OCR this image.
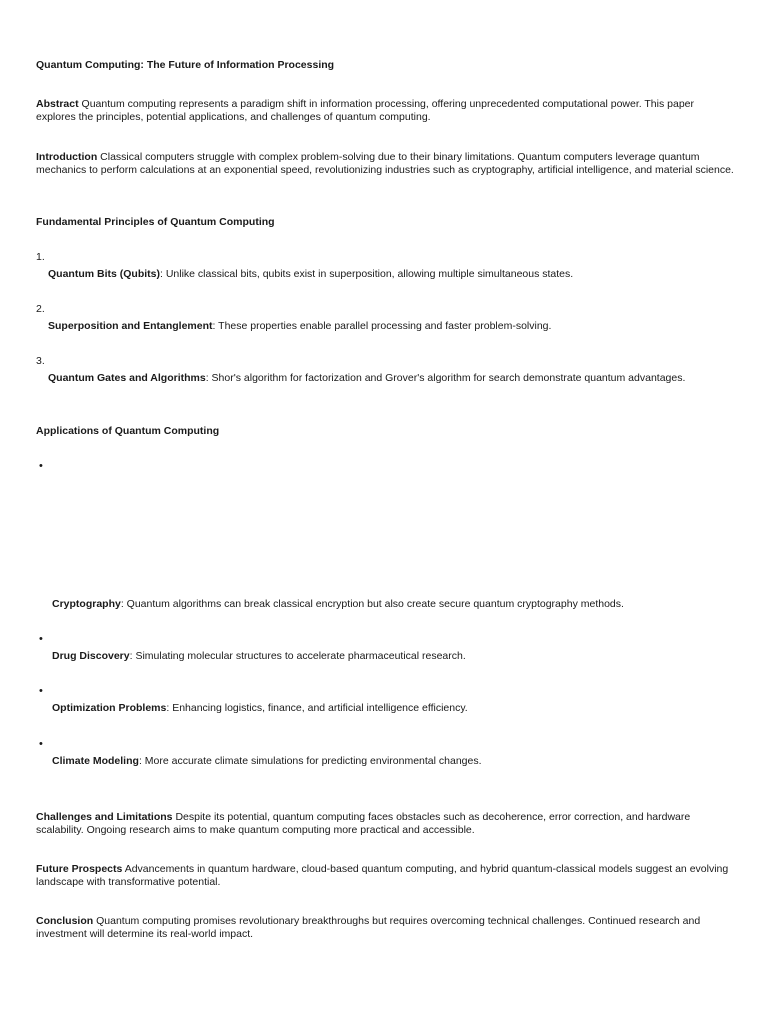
Quantum Computing: The Future of Information Processing

Abstract Quantum computing represents a paradigm shift in information processing, offering unprecedented computational power. This paper explores the principles, potential applications, and challenges of quantum computing.

Introduction Classical computers struggle with complex problem-solving due to their binary limitations. Quantum computers leverage quantum mechanics to perform calculations at an exponential speed, revolutionizing industries such as cryptography, artificial intelligence, and material science.

Fundamental Principles of Quantum Computing

1.

Quantum Bits (Qubits): Unlike classical bits, qubits exist in superposition, allowing multiple simultaneous states.

2.

Superposition and Entanglement: These properties enable parallel processing and faster problem-solving.

3.

Quantum Gates and Algorithms: Shor's algorithm for factorization and Grover's algorithm for search demonstrate quantum advantages.

Applications of Quantum Computing

•

Cryptography: Quantum algorithms can break classical encryption but also create secure quantum cryptography methods.

•

Drug Discovery: Simulating molecular structures to accelerate pharmaceutical research.

•

Optimization Problems: Enhancing logistics, finance, and artificial intelligence efficiency.

•

Climate Modeling: More accurate climate simulations for predicting environmental changes.

Challenges and Limitations Despite its potential, quantum computing faces obstacles such as decoherence, error correction, and hardware scalability. Ongoing research aims to make quantum computing more practical and accessible.

Future Prospects Advancements in quantum hardware, cloud-based quantum computing, and hybrid quantum-classical models suggest an evolving landscape with transformative potential.

Conclusion Quantum computing promises revolutionary breakthroughs but requires overcoming technical challenges. Continued research and investment will determine its real-world impact.
